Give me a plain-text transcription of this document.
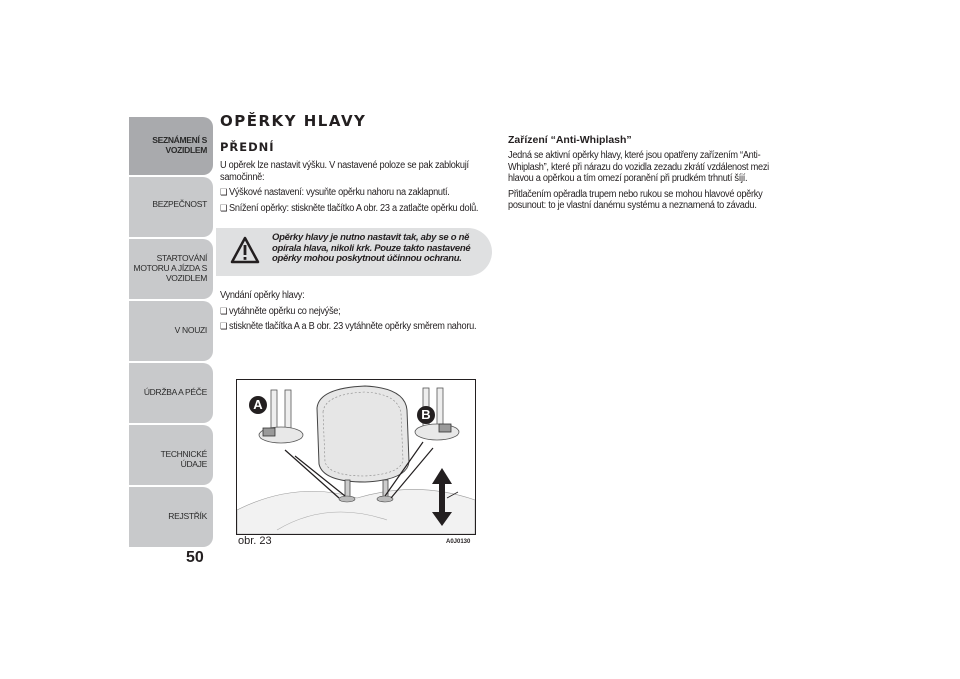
SEZNÁMENÍ S
VOZIDLEM
BEZPEČNOST
STARTOVÁNÍ
MOTORU A JÍZDA S
VOZIDLEM
V NOUZI
ÚDRŽBA A PÉČE
TECHNICKÉ ÚDAJE
REJSTŘÍK
50
OPĚRKY HLAVY
PŘEDNÍ

U opěrek lze nastavit výšku. V nastavené poloze se pak zablokují samočinně:

❏ Výškové nastavení: vysuňte opěrku nahoru na zaklapnutí.

❏ Snížení opěrky: stiskněte tlačítko A obr. 23 a zatlačte opěrku dolů.

Opěrky hlavy je nutno nastavit tak, aby se o ně opírala hlava, nikoli krk. Pouze takto nastavené opěrky mohou poskytnout účinnou ochranu.

Vyndání opěrky hlavy:

❏ vytáhněte opěrku co nejvýše;

❏ stiskněte tlačítka A a B obr. 23 vytáhněte opěrky směrem nahoru.

Zařízení “Anti-Whiplash”

Jedná se aktivní opěrky hlavy, které jsou opatřeny zařízením “Anti-Whiplash”, které při nárazu do vozidla zezadu zkrátí vzdálenost mezi hlavou a opěrkou a tím omezí poranění při prudkém trhnutí šíjí.

Přitlačením opěradla trupem nebo rukou se mohou hlavové opěrky posunout: to je vlastní danému systému a neznamená to závadu.

A
B
obr. 23	A0J0130
